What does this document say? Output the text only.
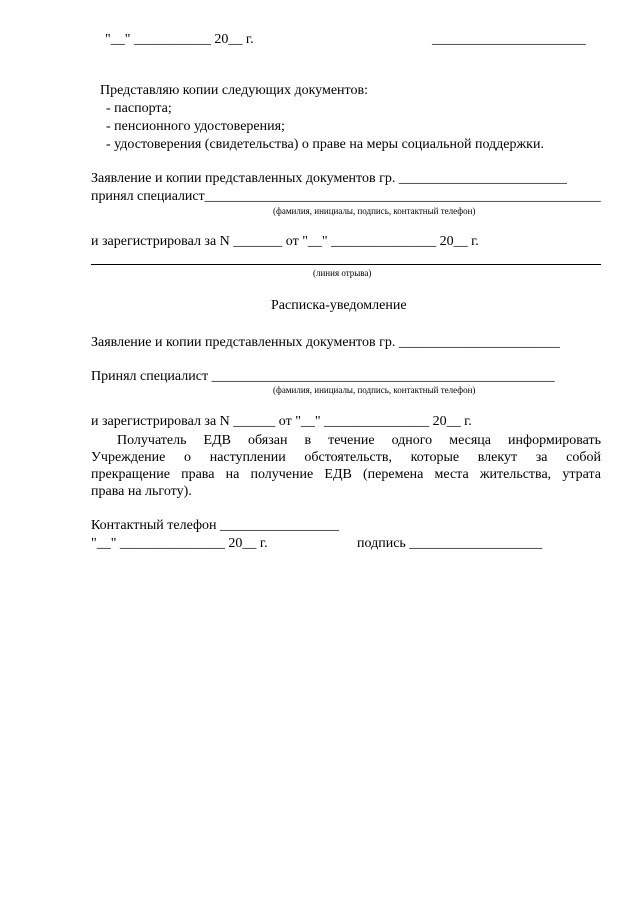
"__" ___________ 20__ г.	______________________
Представляю копии следующих документов:
- паспорта;
- пенсионного удостоверения;
- удостоверения (свидетельства) о праве на меры социальной поддержки.
Заявление и копии представленных документов гр. ________________________
принял специалист_________________________________________________________
(фамилия, инициалы, подпись, контактный телефон)
и зарегистрировал за N _______ от "__" _______________ 20__ г.
(линия отрыва)
Расписка-уведомление
Заявление и копии представленных документов гр. _______________________
Принял специалист _________________________________________________
(фамилия, инициалы, подпись, контактный телефон)
и зарегистрировал за N ______ от "__" _______________ 20__ г.
Получатель ЕДВ обязан в течение одного месяца информировать
Учреждение о наступлении обстоятельств, которые влекут за собой
прекращение права на получение ЕДВ (перемена места жительства, утрата
права на льготу).
Контактный телефон _________________
"__" _______________ 20__ г.	подпись ___________________
